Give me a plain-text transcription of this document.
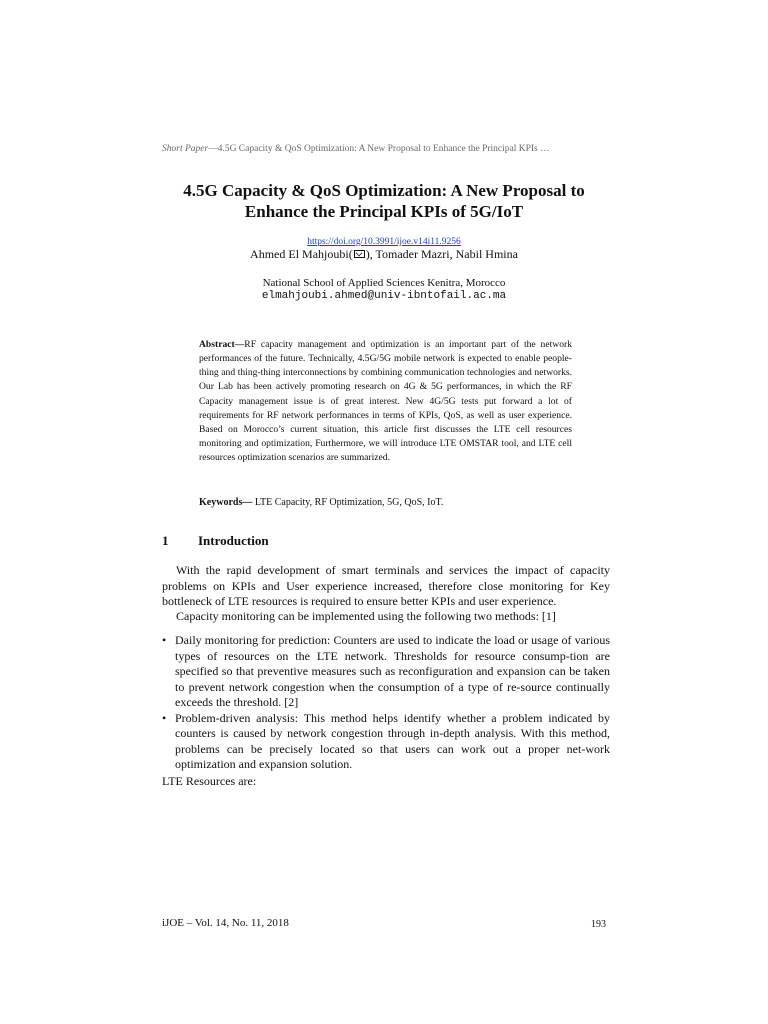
Short Paper—4.5G Capacity & QoS Optimization: A New Proposal to Enhance the Principal KPIs …
4.5G Capacity & QoS Optimization: A New Proposal to
Enhance the Principal KPIs of 5G/IoT
https://doi.org/10.3991/ijoe.v14i11.9256
Ahmed El Mahjoubi( ), Tomader Mazri, Nabil Hmina
National School of Applied Sciences Kenitra, Morocco
elmahjoubi.ahmed@univ-ibntofail.ac.ma
Abstract—RF capacity management and optimization is an important part of the network performances of the future. Technically, 4.5G/5G mobile network is expected to enable people-thing and thing-thing interconnections by combining communication technologies and networks. Our Lab has been actively promoting research on 4G & 5G performances, in which the RF Capacity management issue is of great interest. New 4G/5G tests put forward a lot of requirements for RF network performances in terms of KPIs, QoS, as well as user experience. Based on Morocco’s current situation, this article first discusses the LTE cell resources monitoring and optimization, Furthermore, we will introduce LTE OMSTAR tool, and LTE cell resources optimization scenarios are summarized.
Keywords— LTE Capacity, RF Optimization, 5G, QoS, IoT.
1 Introduction
With the rapid development of smart terminals and services the impact of capacity problems on KPIs and User experience increased, therefore close monitoring for Key bottleneck of LTE resources is required to ensure better KPIs and user experience.
Capacity monitoring can be implemented using the following two methods: [1]
• Daily monitoring for prediction: Counters are used to indicate the load or usage of various types of resources on the LTE network. Thresholds for resource consump-tion are specified so that preventive measures such as reconfiguration and expansion can be taken to prevent network congestion when the consumption of a type of re-source continually exceeds the threshold. [2]
• Problem-driven analysis: This method helps identify whether a problem indicated by counters is caused by network congestion through in-depth analysis. With this method, problems can be precisely located so that users can work out a proper net-work optimization and expansion solution.
LTE Resources are:
iJOE – Vol. 14, No. 11, 2018	193
